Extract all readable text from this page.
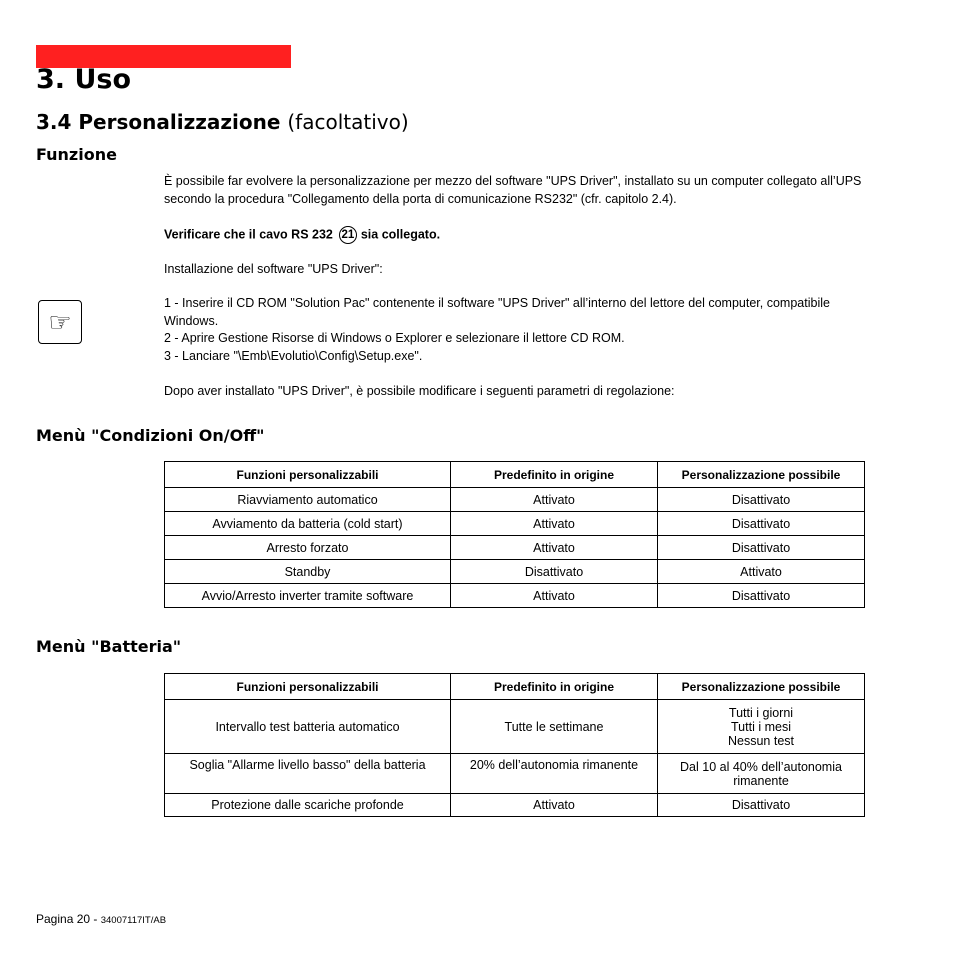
3. Uso
3.4 Personalizzazione (facoltativo)
Funzione

È possibile far evolvere la personalizzazione per mezzo del software "UPS Driver", installato su un computer collegato all’UPS secondo la procedura "Collegamento della porta di comunicazione RS232" (cfr. capitolo 2.4).

Verificare che il cavo RS 232 21 sia collegato.

Installazione del software "UPS Driver":

☞
1 - Inserire il CD ROM "Solution Pac" contenente il software "UPS Driver" all’interno del lettore del computer, compatibile Windows.
2 - Aprire Gestione Risorse di Windows o Explorer e selezionare il lettore CD ROM.
3 - Lanciare "\Emb\Evolutio\Config\Setup.exe".

Dopo aver installato "UPS Driver", è possibile modificare i seguenti parametri di regolazione:

Menù "Condizioni On/Off"
Funzioni personalizzabili	Predefinito in origine	Personalizzazione possibile
Riavviamento automatico	Attivato	Disattivato
Avviamento da batteria (cold start)	Attivato	Disattivato
Arresto forzato	Attivato	Disattivato
Standby	Disattivato	Attivato
Avvio/Arresto inverter tramite software	Attivato	Disattivato
Menù "Batteria"
Funzioni personalizzabili	Predefinito in origine	Personalizzazione possibile
Intervallo test batteria automatico	Tutte le settimane	Tutti i giorni
Tutti i mesi
Nessun test

Soglia "Allarme livello basso" della batteria	20% dell’autonomia rimanente	Dal 10 al 40% dell’autonomia rimanente
Protezione dalle scariche profonde	Attivato	Disattivato

Pagina 20 - 34007117IT/AB
